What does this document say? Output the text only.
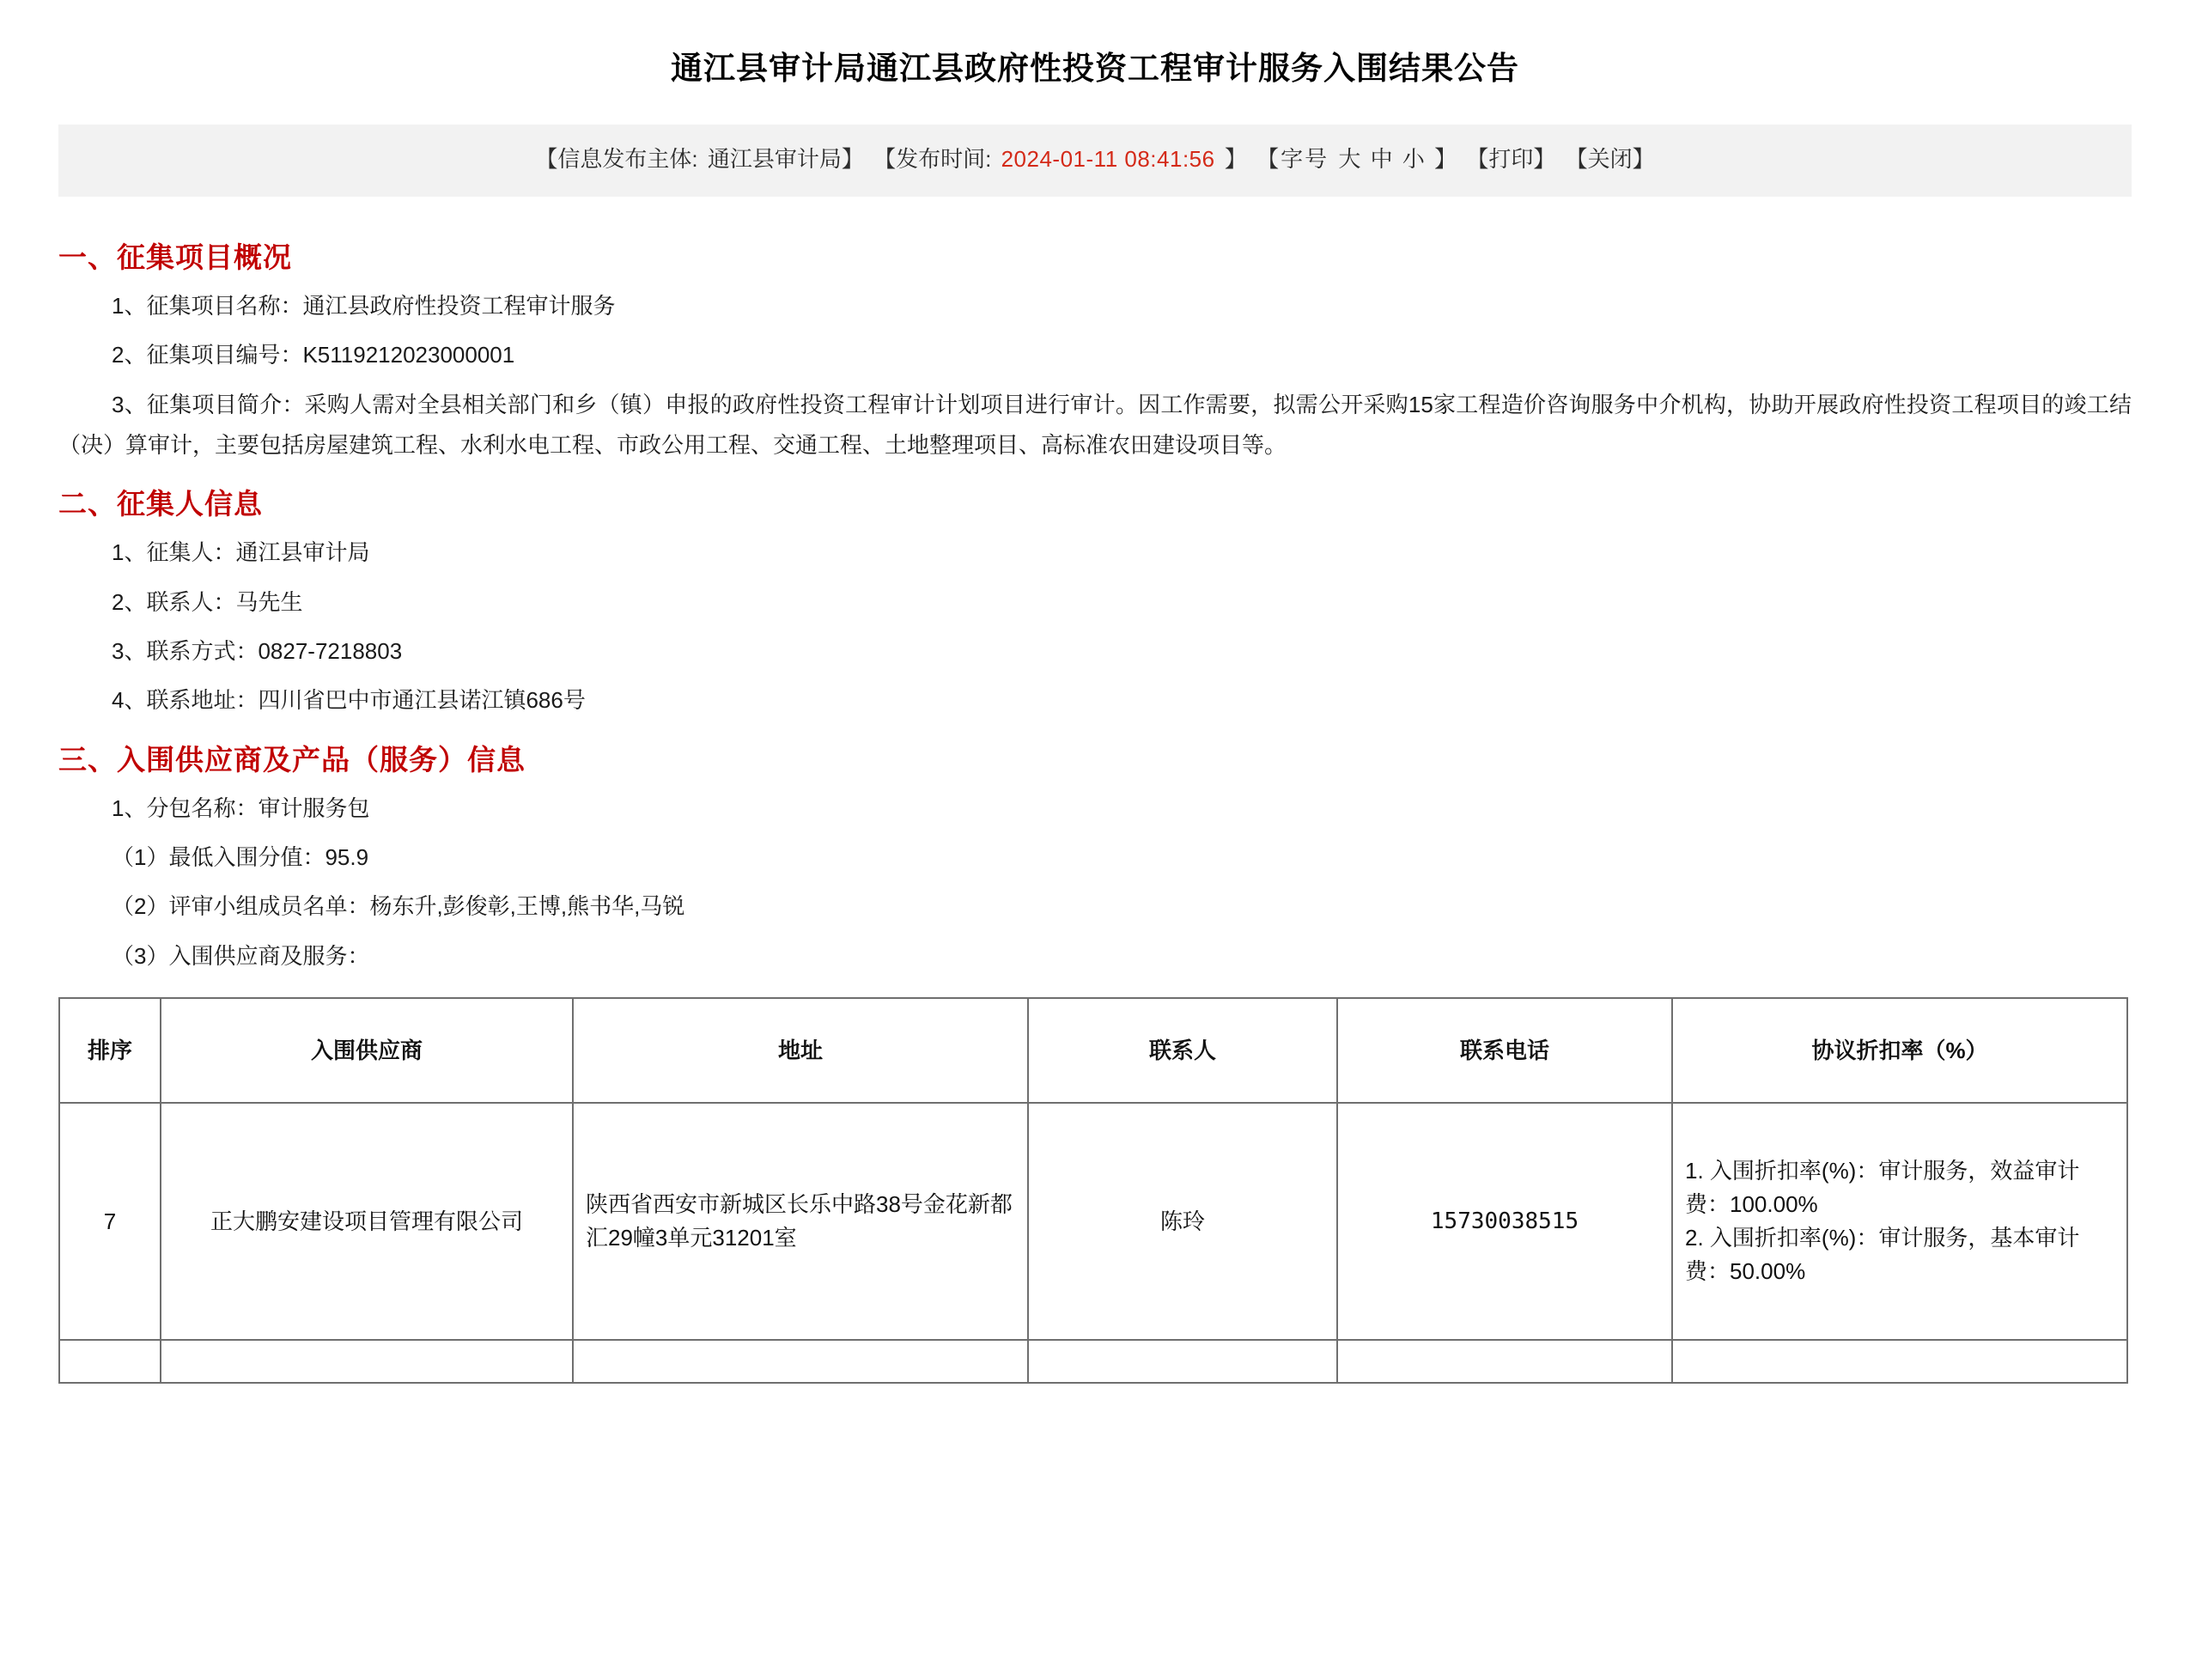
通江县审计局通江县政府性投资工程审计服务入围结果公告
【信息发布主体: 通江县审计局】 【发布时间: 2024-01-11 08:41:56 】 【字号 大 中 小 】 【打印】 【关闭】
一、征集项目概况

1、征集项目名称：通江县政府性投资工程审计服务

2、征集项目编号：K5119212023000001

3、征集项目简介：采购人需对全县相关部门和乡（镇）申报的政府性投资工程审计计划项目进行审计。因工作需要，拟需公开采购15家工程造价咨询服务中介机构，协助开展政府性投资工程项目的竣工结（决）算审计，主要包括房屋建筑工程、水利水电工程、市政公用工程、交通工程、土地整理项目、高标准农田建设项目等。

二、征集人信息

1、征集人：通江县审计局

2、联系人：马先生

3、联系方式：0827-7218803

4、联系地址：四川省巴中市通江县诺江镇686号

三、入围供应商及产品（服务）信息

1、分包名称：审计服务包

（1）最低入围分值：95.9

（2）评审小组成员名单：杨东升,彭俊彰,王博,熊书华,马锐

（3）入围供应商及服务：

排序	入围供应商	地址	联系人	联系电话	协议折扣率（%）
7	正大鹏安建设项目管理有限公司	陕西省西安市新城区长乐中路38号金花新都汇29幢3单元31201室	陈玲	15730038515	1. 入围折扣率(%)：审计服务，效益审计费：100.00%
2. 入围折扣率(%)：审计服务，基本审计费：50.00%
